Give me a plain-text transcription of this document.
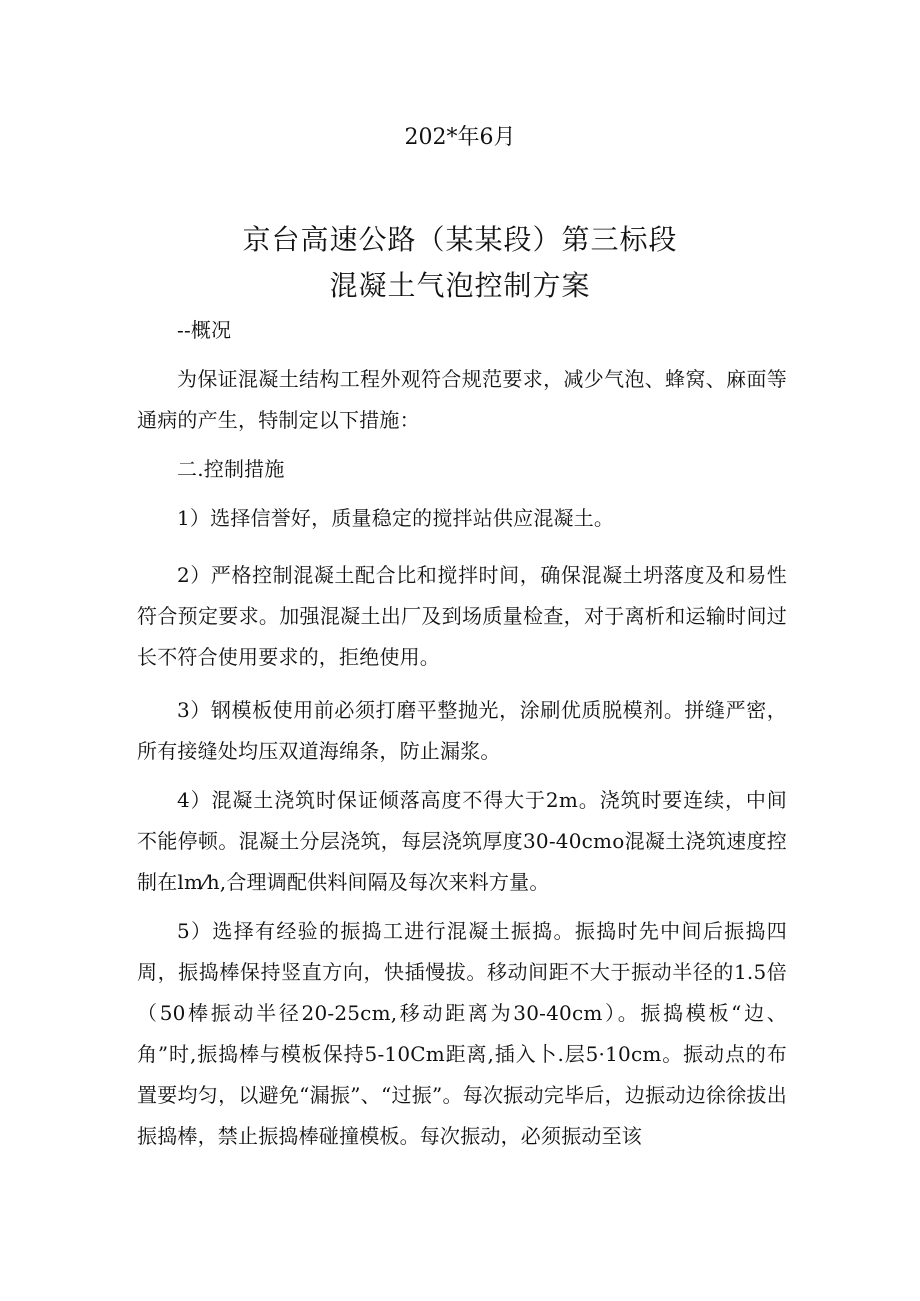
202*年6月
京台高速公路（某某段）第三标段
混凝土气泡控制方案

--概况

为保证混凝土结构工程外观符合规范要求，减少气泡、蜂窝、麻面等通病的产生，特制定以下措施：

二.控制措施

1）选择信誉好，质量稳定的搅拌站供应混凝土。

2）严格控制混凝土配合比和搅拌时间，确保混凝土坍落度及和易性符合预定要求。加强混凝土出厂及到场质量检查，对于离析和运输时间过长不符合使用要求的，拒绝使用。

3）钢模板使用前必须打磨平整抛光，涂刷优质脱模剂。拼缝严密，所有接缝处均压双道海绵条，防止漏浆。

4）混凝土浇筑时保证倾落高度不得大于2m。浇筑时要连续，中间不能停顿。混凝土分层浇筑，每层浇筑厚度30-40cmo混凝土浇筑速度控制在lm⁄h,合理调配供料间隔及每次来料方量。

5）选择有经验的振捣工进行混凝土振捣。振捣时先中间后振捣四周，振捣棒保持竖直方向，快插慢拔。移动间距不大于振动半径的1.5倍（50棒振动半径20-25cm,移动距离为30-40cm）。振捣模板“边、角”时,振捣棒与模板保持5-10Cm距离,插入卜.层5·10cm。振动点的布置要均匀，以避免“漏振”、“过振”。每次振动完毕后，边振动边徐徐拔出振捣棒，禁止振捣棒碰撞模板。每次振动，必须振动至该
